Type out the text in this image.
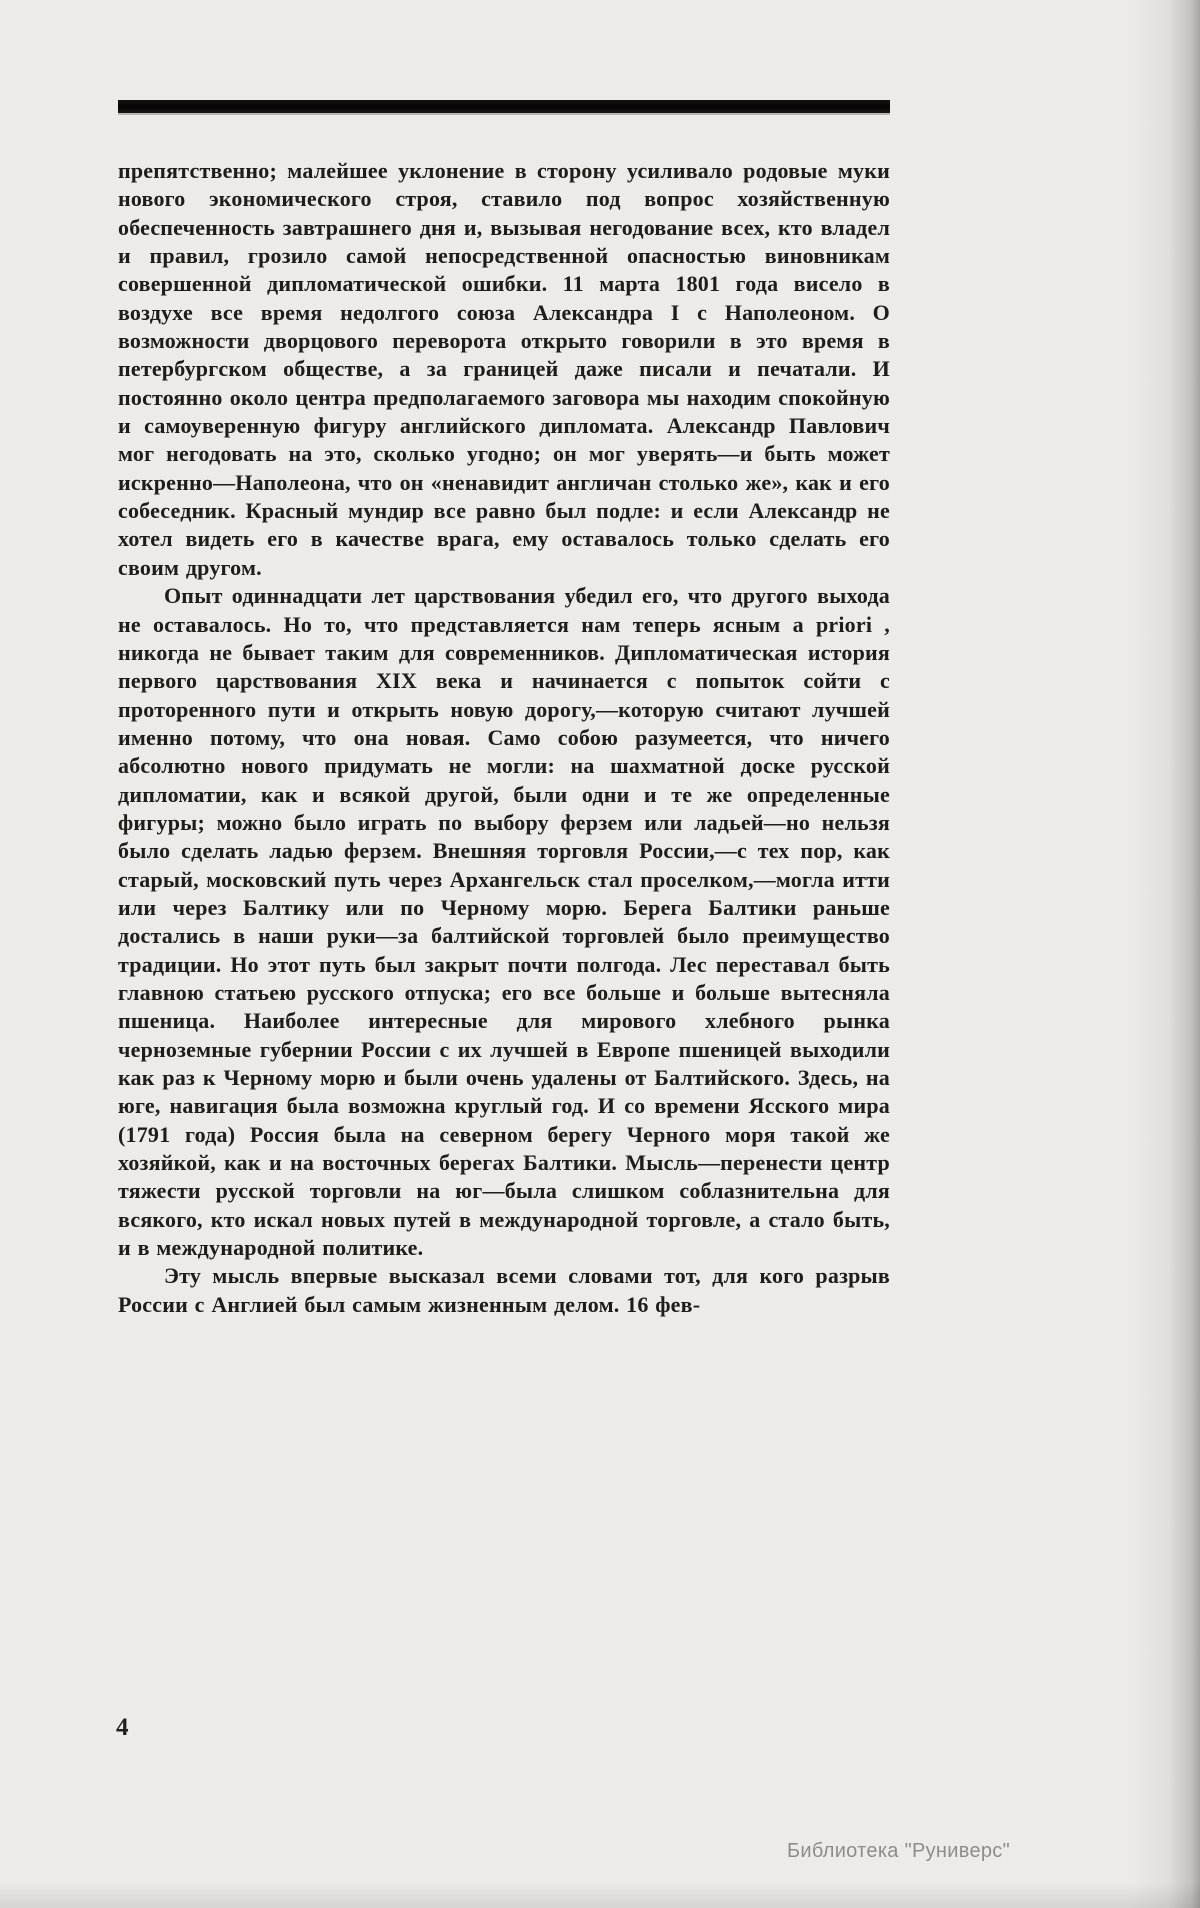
препятственно; малейшее уклонение в сторону усиливало родовые муки нового экономического строя, ставило под вопрос хозяйственную обеспеченность завтрашнего дня и, вызывая негодование всех, кто владел и правил, грозило самой непосредственной опасностью виновникам совершенной дипломатической ошибки. 11 марта 1801 года висело в воздухе все время недолгого союза Александра I с Наполеоном. О возможности дворцового переворота открыто говорили в это время в петербургском обществе, а за границей даже писали и печатали. И постоянно около центра предполагаемого заговора мы находим спокойную и самоуверенную фигуру английского дипломата. Александр Павлович мог негодовать на это, сколько угодно; он мог уверять—и быть может искренно—Наполеона, что он «ненавидит англичан столько же», как и его собеседник. Красный мундир все равно был подле: и если Александр не хотел видеть его в качестве врага, ему оставалось только сделать его своим другом.

Опыт одиннадцати лет царствования убедил его, что другого выхода не оставалось. Но то, что представляется нам теперь ясным a priori , никогда не бывает таким для современников. Дипломатическая история первого царствования XIX века и начинается с попыток сойти с проторенного пути и открыть новую дорогу,—которую считают лучшей именно потому, что она новая. Само собою разумеется, что ничего абсолютно нового придумать не могли: на шахматной доске русской дипломатии, как и всякой другой, были одни и те же определенные фигуры; можно было играть по выбору ферзем или ладьей—но нельзя было сделать ладью ферзем. Внешняя торговля России,—с тех пор, как старый, московский путь через Архангельск стал проселком,—могла итти или через Балтику или по Черному морю. Берега Балтики раньше достались в наши руки—за балтийской торговлей было преимущество традиции. Но этот путь был закрыт почти полгода. Лес переставал быть главною статьею русского отпуска; его все больше и больше вытесняла пшеница. Наиболее интересные для мирового хлебного рынка черноземные губернии России с их лучшей в Европе пшеницей выходили как раз к Черному морю и были очень удалены от Балтийского. Здесь, на юге, навигация была возможна круглый год. И со времени Ясского мира (1791 года) Россия была на северном берегу Черного моря такой же хозяйкой, как и на восточных берегах Балтики. Мысль—перенести центр тяжести русской торговли на юг—была слишком соблазнительна для всякого, кто искал новых путей в международной торговле, а стало быть, и в международной политике.

Эту мысль впервые высказал всеми словами тот, для кого разрыв России с Англией был самым жизненным делом. 16 фев-

4
Библиотека "Руниверс"
